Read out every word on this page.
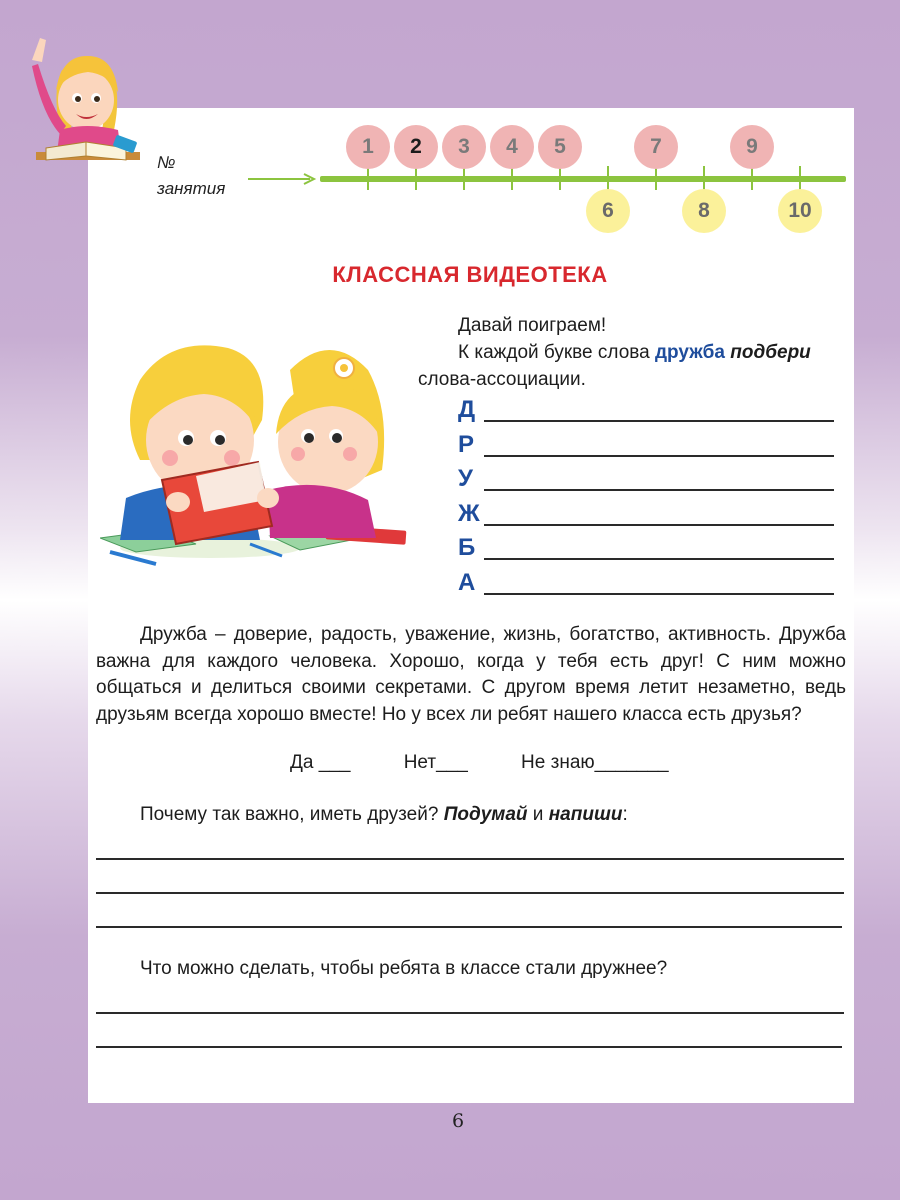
№
занятия
1	2	3	4	5
6
7
8
9
10
КЛАССНАЯ ВИДЕОТЕКА
Давай поиграем!
К каждой букве слова дружба подбери
слова-ассоциации.
Д
Р
У
Ж
Б
А
Дружба – доверие, радость, уважение, жизнь, богатство, активность. Дружба важна для каждого человека. Хорошо, когда у тебя есть друг! С ним можно общаться и делиться своими секретами. С другом время летит незаметно, ведь друзьям всегда хорошо вместе! Но у всех ли ребят нашего класса есть друзья?
Да ___	Нет___	Не знаю_______
Почему так важно, иметь друзей? Подумай и напиши:
Что можно сделать, чтобы ребята в классе стали дружнее?
6
